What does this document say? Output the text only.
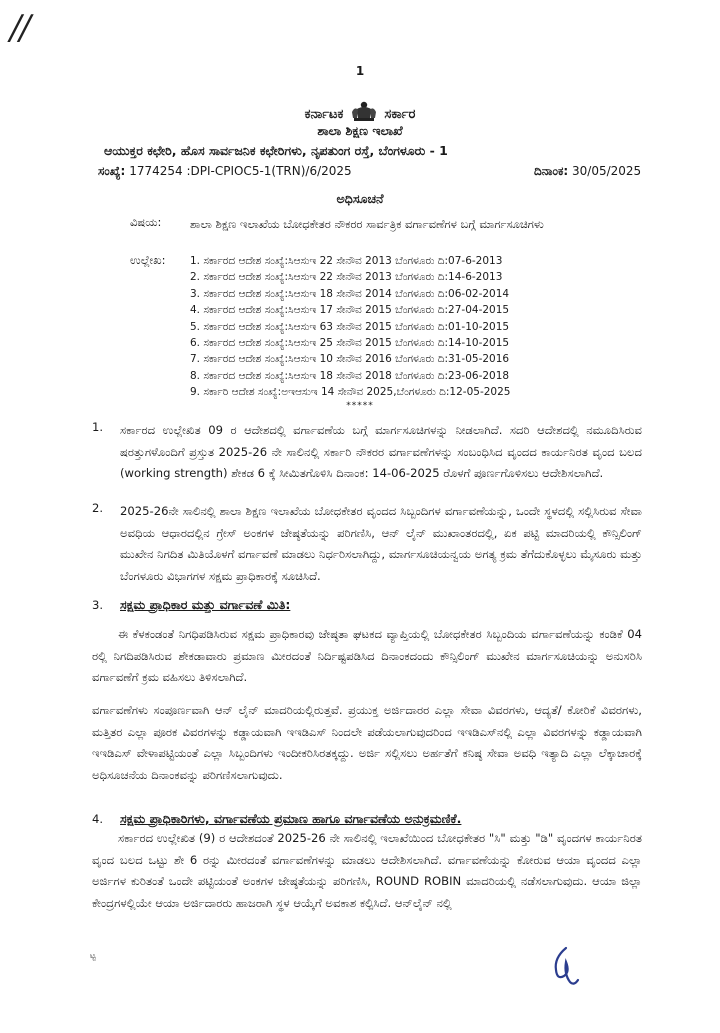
//
1
ಕರ್ನಾಟಕ	ಸರ್ಕಾರ
ಶಾಲಾ ಶಿಕ್ಷಣ ಇಲಾಖೆ
ಆಯುಕ್ತರ ಕಛೇರಿ, ಹೊಸ ಸಾರ್ವಜನಿಕ ಕಛೇರಿಗಳು, ನೃಪತುಂಗ ರಸ್ತೆ, ಬೆಂಗಳೂರು - 1
ಸಂಖ್ಯೆ: 1774254 :DPI-CPIOC5-1(TRN)/6/2025	ದಿನಾಂಕ: 30/05/2025
ಅಧಿಸೂಚನೆ
ವಿಷಯ: ಶಾಲಾ ಶಿಕ್ಷಣ ಇಲಾಖೆಯ ಬೋಧಕೇತರ ನೌಕರರ ಸಾರ್ವತ್ರಿಕ ವರ್ಗಾವಣೆಗಳ ಬಗ್ಗೆ ಮಾರ್ಗಸೂಚಿಗಳು
ಉಲ್ಲೇಖ: 1. ಸರ್ಕಾರದ ಆದೇಶ ಸಂಖ್ಯೆ:ಸಿಆಸುಇ 22 ಸೇನೌವ 2013 ಬೆಂಗಳೂರು ದಿ:07-6-2013
2. ಸರ್ಕಾರದ ಆದೇಶ ಸಂಖ್ಯೆ:ಸಿಆಸುಇ 22 ಸೇನೌವ 2013 ಬೆಂಗಳೂರು ದಿ:14-6-2013
3. ಸರ್ಕಾರದ ಆದೇಶ ಸಂಖ್ಯೆ:ಸಿಆಸುಇ 18 ಸೇನೌವ 2014 ಬೆಂಗಳೂರು ದಿ:06-02-2014
4. ಸರ್ಕಾರದ ಆದೇಶ ಸಂಖ್ಯೆ:ಸಿಆಸುಇ 17 ಸೇನೌವ 2015 ಬೆಂಗಳೂರು ದಿ:27-04-2015
5. ಸರ್ಕಾರದ ಆದೇಶ ಸಂಖ್ಯೆ:ಸಿಆಸುಇ 63 ಸೇನೌವ 2015 ಬೆಂಗಳೂರು ದಿ:01-10-2015
6. ಸರ್ಕಾರದ ಆದೇಶ ಸಂಖ್ಯೆ:ಸಿಆಸುಇ 25 ಸೇನೌವ 2015 ಬೆಂಗಳೂರು ದಿ:14-10-2015
7. ಸರ್ಕಾರದ ಆದೇಶ ಸಂಖ್ಯೆ:ಸಿಆಸುಇ 10 ಸೇನೌವ 2016 ಬೆಂಗಳೂರು ದಿ:31-05-2016
8. ಸರ್ಕಾರದ ಆದೇಶ ಸಂಖ್ಯೆ:ಸಿಆಸುಇ 18 ಸೇನೌವ 2018 ಬೆಂಗಳೂರು ದಿ:23-06-2018
9. ಸರ್ಕಾರಿ ಆದೇಶ ಸಂಖ್ಯೆ:ಅಇಆಸುಇ 14 ಸೇನೌವ 2025,ಬೆಂಗಳೂರು ದಿ:12-05-2025
*****
1. ಸರ್ಕಾರದ ಉಲ್ಲೇಖಿತ 09 ರ ಆದೇಶದಲ್ಲಿ ವರ್ಗಾವಣೆಯ ಬಗ್ಗೆ ಮಾರ್ಗಸೂಚಿಗಳನ್ನು ನೀಡಲಾಗಿದೆ. ಸದರಿ ಆದೇಶದಲ್ಲಿ ನಮೂದಿಸಿರುವ ಷರತ್ತುಗಳೊಂದಿಗೆ ಪ್ರಸ್ತುತ 2025-26 ನೇ ಸಾಲಿನಲ್ಲಿ ಸರ್ಕಾರಿ ನೌಕರರ ವರ್ಗಾವಣೆಗಳನ್ನು ಸಂಬಂಧಿಸಿದ ವೃಂದದ ಕಾರ್ಯನಿರತ ವೃಂದ ಬಲದ (working strength) ಶೇಕಡ 6 ಕ್ಕೆ ಸೀಮಿತಗೊಳಿಸಿ ದಿನಾಂಕ: 14-06-2025 ರೊಳಗೆ ಪೂರ್ಣಗೊಳಿಸಲು ಆದೇಶಿಸಲಾಗಿದೆ.
2. 2025-26ನೇ ಸಾಲಿನಲ್ಲಿ ಶಾಲಾ ಶಿಕ್ಷಣ ಇಲಾಖೆಯ ಬೋಧಕೇತರ ವೃಂದದ ಸಿಬ್ಬಂದಿಗಳ ವರ್ಗಾವಣೆಯನ್ನು, ಒಂದೇ ಸ್ಥಳದಲ್ಲಿ ಸಲ್ಲಿಸಿರುವ ಸೇವಾ ಅವಧಿಯ ಆಧಾರದಲ್ಲಿನ ಗ್ರೇಸ್ ಅಂಕಗಳ ಜೇಷ್ಠತೆಯನ್ನು ಪರಿಗಣಿಸಿ, ಆನ್ ಲೈನ್ ಮುಖಾಂತರದಲ್ಲಿ, ಏಕ ಪಟ್ಟಿ ಮಾದರಿಯಲ್ಲಿ ಕೌನ್ಸಿಲಿಂಗ್ ಮುಖೇನ ನಿಗದಿತ ಮಿತಿಯೊಳಗೆ ವರ್ಗಾವಣೆ ಮಾಡಲು ನಿರ್ಧರಿಸಲಾಗಿದ್ದು, ಮಾರ್ಗಸೂಚಿಯನ್ವಯ ಅಗತ್ಯ ಕ್ರಮ ತೆಗೆದುಕೊಳ್ಳಲು ಮೈಸೂರು ಮತ್ತು ಬೆಂಗಳೂರು ವಿಭಾಗಗಳ ಸಕ್ಷಮ ಪ್ರಾಧಿಕಾರಕ್ಕೆ ಸೂಚಿಸಿದೆ.
3. ಸಕ್ಷಮ ಪ್ರಾಧಿಕಾರ ಮತ್ತು ವರ್ಗಾವಣೆ ಮಿತಿ:
ಈ ಕೆಳಕಂಡಂತೆ ನಿಗಧಿಪಡಿಸಿರುವ ಸಕ್ಷಮ ಪ್ರಾಧಿಕಾರವು ಜೇಷ್ಠತಾ ಘಟಕದ ವ್ಯಾಪ್ತಿಯಲ್ಲಿ ಬೋಧಕೇತರ ಸಿಬ್ಬಂದಿಯ ವರ್ಗಾವಣೆಯನ್ನು ಕಂಡಿಕೆ 04 ರಲ್ಲಿ ನಿಗದಿಪಡಿಸಿರುವ ಶೇಕಡಾವಾರು ಪ್ರಮಾಣ ಮೀರದಂತೆ ನಿರ್ದಿಷ್ಟಪಡಿಸಿದ ದಿನಾಂಕದಂದು ಕೌನ್ಸಿಲಿಂಗ್ ಮುಖೇನ ಮಾರ್ಗಸೂಚಿಯನ್ನು ಅನುಸರಿಸಿ ವರ್ಗಾವಣೆಗೆ ಕ್ರಮ ವಹಿಸಲು ತಿಳಿಸಲಾಗಿದೆ.
ವರ್ಗಾವಣೆಗಳು ಸಂಪೂರ್ಣವಾಗಿ ಆನ್ ಲೈನ್ ಮಾದರಿಯಲ್ಲಿರುತ್ತವೆ. ಪ್ರಯುಕ್ತ ಅರ್ಜಿದಾರರ ಎಲ್ಲಾ ಸೇವಾ ವಿವರಗಳು, ಆದ್ಯತೆ/ ಕೋರಿಕೆ ವಿವರಗಳು, ಮತ್ತಿತರ ಎಲ್ಲಾ ಪೂರಕ ವಿವರಗಳನ್ನು ಕಡ್ಡಾಯವಾಗಿ ಇಇಡಿಎಸ್ ನಿಂದಲೇ ಪಡೆಯಲಾಗುವುದರಿಂದ ಇಇಡಿಎಸ್‌ನಲ್ಲಿ ಎಲ್ಲಾ ವಿವರಗಳನ್ನು ಕಡ್ಡಾಯವಾಗಿ ಇಇಡಿಎಸ್ ವೇಳಾಪಟ್ಟಿಯಂತೆ ಎಲ್ಲಾ ಸಿಬ್ಬಂದಿಗಳು ಇಂದೀಕರಿಸಿರತಕ್ಕದ್ದು. ಅರ್ಜಿ ಸಲ್ಲಿಸಲು ಅರ್ಹತೆಗೆ ಕನಿಷ್ಠ ಸೇವಾ ಅವಧಿ ಇತ್ಯಾದಿ ಎಲ್ಲಾ ಲೆಕ್ಕಾಚಾರಕ್ಕೆ ಅಧಿಸೂಚನೆಯ ದಿನಾಂಕವನ್ನು ಪರಿಗಣಿಸಲಾಗುವುದು.
4. ಸಕ್ಷಮ ಪ್ರಾಧಿಕಾರಿಗಳು, ವರ್ಗಾವಣೆಯ ಪ್ರಮಾಣ ಹಾಗೂ ವರ್ಗಾವಣೆಯ ಅನುಕ್ರಮಣಿಕೆ.
ಸರ್ಕಾರದ ಉಲ್ಲೇಖಿತ (9) ರ ಆದೇಶದಂತೆ 2025-26 ನೇ ಸಾಲಿನಲ್ಲಿ ಇಲಾಖೆಯಿಂದ ಬೋಧಕೇತರ "ಸಿ" ಮತ್ತು "ಡಿ" ವೃಂದಗಳ ಕಾರ್ಯನಿರತ ವೃಂದ ಬಲದ ಒಟ್ಟು ಶೇ 6 ರನ್ನು ಮೀರದಂತೆ ವರ್ಗಾವಣೆಗಳನ್ನು ಮಾಡಲು ಆದೇಶಿಸಲಾಗಿದೆ. ವರ್ಗಾವಣೆಯನ್ನು ಕೋರುವ ಆಯಾ ವೃಂದದ ಎಲ್ಲಾ ಅರ್ಜಿಗಳ ಕುರಿತಂತೆ ಒಂದೇ ಪಟ್ಟಿಯಂತೆ ಅಂಕಗಳ ಜೇಷ್ಠತೆಯನ್ನು ಪರಿಗಣಿಸಿ, ROUND ROBIN ಮಾದರಿಯಲ್ಲಿ ನಡೆಸಲಾಗುವುದು. ಆಯಾ ಜಿಲ್ಲಾ ಕೇಂದ್ರಗಳಲ್ಲಿಯೇ ಆಯಾ ಅರ್ಜಿದಾರರು ಹಾಜರಾಗಿ ಸ್ಥಳ ಆಯ್ಕೆಗೆ ಅವಕಾಶ ಕಲ್ಪಿಸಿದೆ. ಆನ್‌ಲೈನ್ ನಲ್ಲಿ
ಟ್ಟ
